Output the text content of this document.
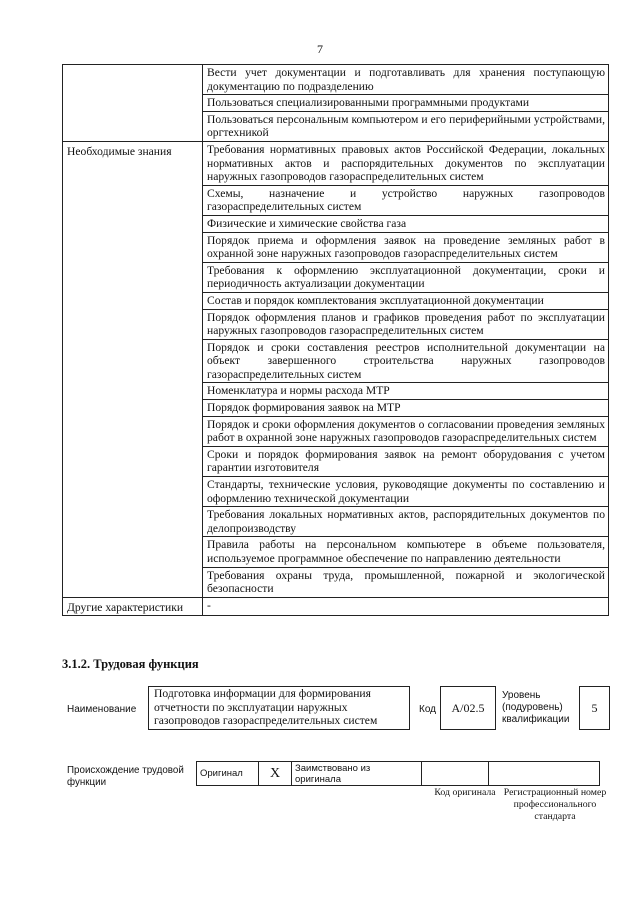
7
	Вести учет документации и подготавливать для хранения поступающую документацию по подразделению
	Пользоваться специализированными программными продуктами
	Пользоваться персональным компьютером и его периферийными устройствами, оргтехникой
Необходимые знания	Требования нормативных правовых актов Российской Федерации, локальных нормативных актов и распорядительных документов по эксплуатации наружных газопроводов газораспределительных систем
	Схемы, назначение и устройство наружных газопроводов газораспределительных систем
	Физические и химические свойства газа
	Порядок приема и оформления заявок на проведение земляных работ в охранной зоне наружных газопроводов газораспределительных систем
	Требования к оформлению эксплуатационной документации, сроки и периодичность актуализации документации
	Состав и порядок комплектования эксплуатационной документации
	Порядок оформления планов и графиков проведения работ по эксплуатации наружных газопроводов газораспределительных систем
	Порядок и сроки составления реестров исполнительной документации на объект завершенного строительства наружных газопроводов газораспределительных систем
	Номенклатура и нормы расхода МТР
	Порядок формирования заявок на МТР
	Порядок и сроки оформления документов о согласовании проведения земляных работ в охранной зоне наружных газопроводов газораспределительных систем
	Сроки и порядок формирования заявок на ремонт оборудования с учетом гарантии изготовителя
	Стандарты, технические условия, руководящие документы по составлению и оформлению технической документации
	Требования локальных нормативных актов, распорядительных документов по делопроизводству
	Правила работы на персональном компьютере в объеме пользователя, используемое программное обеспечение по направлению деятельности
	Требования охраны труда, промышленной, пожарной и экологической безопасности
Другие характеристики	-
3.1.2. Трудовая функция
Наименование
Подготовка информации для формирования отчетности по эксплуатации наружных газопроводов газораспределительных систем
Код	А/02.5
Уровень (подуровень) квалификации
5
Происхождение трудовой функции
Оригинал	X	Заимствовано из оригинала		
Код оригинала Регистрационный номер профессионального стандарта
